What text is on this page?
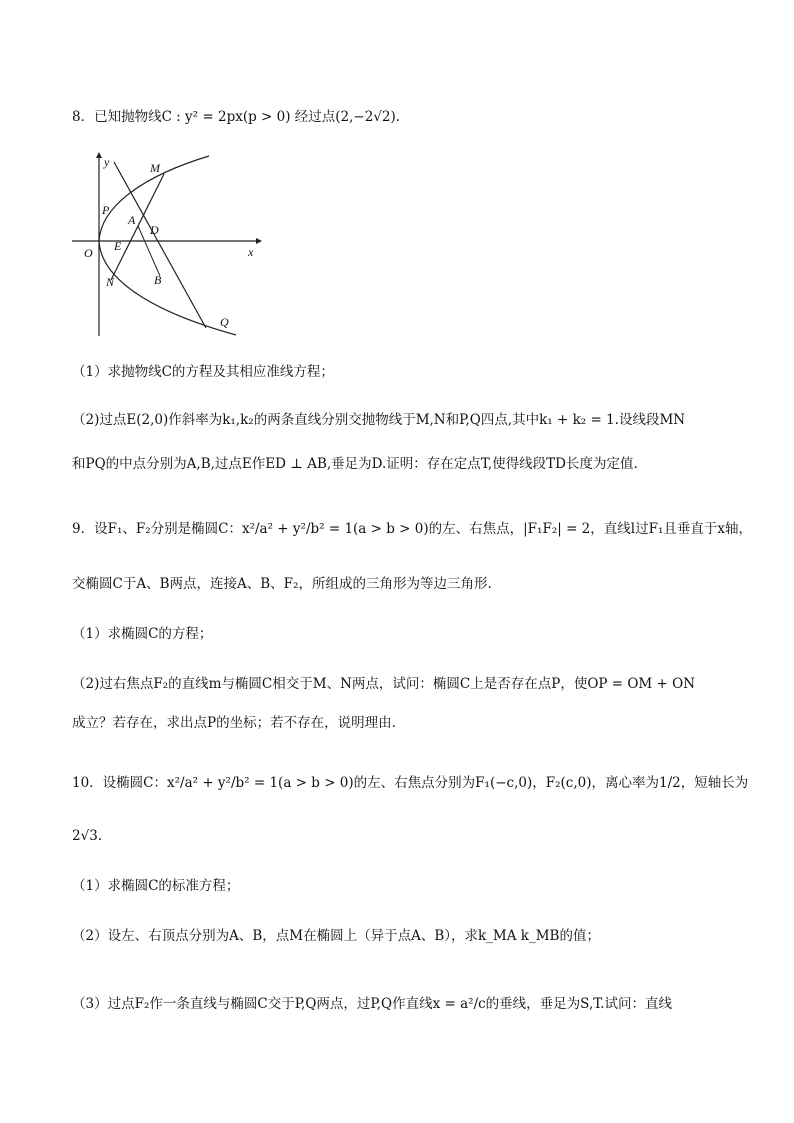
8．已知抛物线C : y² = 2px(p > 0) 经过点(2,−2√2).
y
x
O
M
P
A
D
E
N	B
Q
（1）求抛物线C的方程及其相应准线方程；
（2)过点E(2,0)作斜率为k₁,k₂的两条直线分别交抛物线于M,N和P,Q四点,其中k₁ + k₂ = 1.设线段MN
和PQ的中点分别为A,B,过点E作ED ⊥ AB,垂足为D.证明：存在定点T,使得线段TD长度为定值.
9．设F₁、F₂分别是椭圆C：x²/a² + y²/b² = 1(a > b > 0)的左、右焦点，|F₁F₂| = 2，直线l过F₁且垂直于x轴，
交椭圆C于A、B两点，连接A、B、F₂，所组成的三角形为等边三角形.
（1）求椭圆C的方程；
（2)过右焦点F₂的直线m与椭圆C相交于M、N两点，试问：椭圆C上是否存在点P，使OP = OM + ON
成立？若存在，求出点P的坐标；若不存在，说明理由.
10．设椭圆C：x²/a² + y²/b² = 1(a > b > 0)的左、右焦点分别为F₁(−c,0)，F₂(c,0)，离心率为1/2，短轴长为
2√3.
（1）求椭圆C的标准方程；
（2）设左、右顶点分别为A、B，点M在椭圆上（异于点A、B），求k_MA k_MB的值；
（3）过点F₂作一条直线与椭圆C交于P,Q两点，过P,Q作直线x = a²/c的垂线，垂足为S,T.试问：直线
